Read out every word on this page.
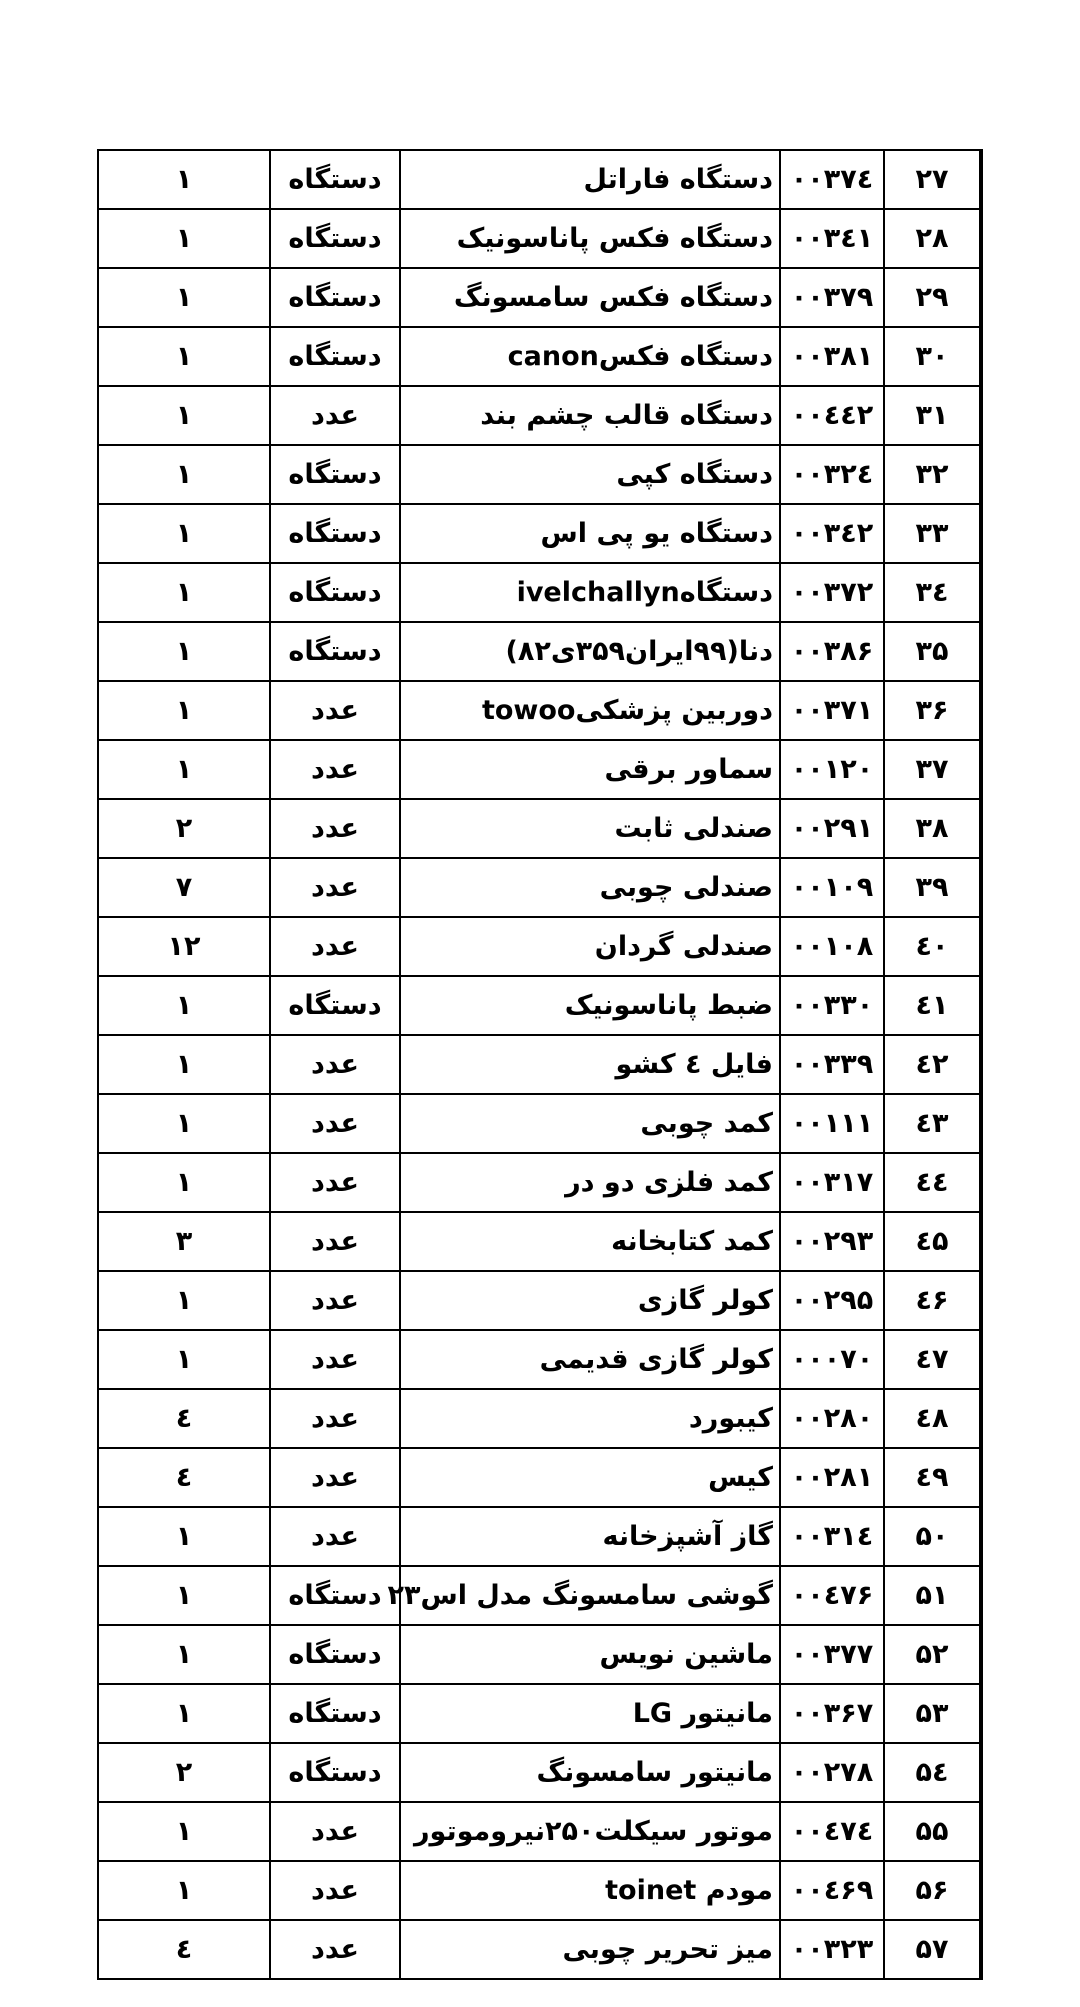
۲۷	۰۰۳۷٤	دستگاه فاراتل	دستگاه	۱
۲۸	۰۰۳٤۱	دستگاه فکس پاناسونیک	دستگاه	۱
۲۹	۰۰۳۷۹	دستگاه فکس سامسونگ	دستگاه	۱
۳۰	۰۰۳۸۱	دستگاه فکس‌canon	دستگاه	۱
۳۱	۰۰٤٤۲	دستگاه قالب چشم بند	عدد	۱
۳۲	۰۰۳۲٤	دستگاه کپی	دستگاه	۱
۳۳	۰۰۳٤۲	دستگاه یو پی اس	دستگاه	۱
۳٤	۰۰۳۷۲	دستگاه‌ivelchallyn	دستگاه	۱
۳۵	۰۰۳۸۶	دنا(۹۹ایران۳۵۹ی۸۲)	دستگاه	۱
۳۶	۰۰۳۷۱	دوربین پزشکی‌towoo	عدد	۱
۳۷	۰۰۱۲۰	سماور برقی	عدد	۱
۳۸	۰۰۲۹۱	صندلی ثابت	عدد	۲
۳۹	۰۰۱۰۹	صندلی چوبی	عدد	۷
٤۰	۰۰۱۰۸	صندلی گردان	عدد	۱۲
٤۱	۰۰۳۳۰	ضبط پاناسونیک	دستگاه	۱
٤۲	۰۰۳۳۹	فایل ٤ کشو	عدد	۱
٤۳	۰۰۱۱۱	کمد چوبی	عدد	۱
٤٤	۰۰۳۱۷	کمد فلزی دو در	عدد	۱
٤۵	۰۰۲۹۳	کمد کتابخانه	عدد	۳
٤۶	۰۰۲۹۵	کولر گازی	عدد	۱
٤۷	۰۰۰۷۰	کولر گازی قدیمی	عدد	۱
٤۸	۰۰۲۸۰	کیبورد	عدد	٤
٤۹	۰۰۲۸۱	کیس	عدد	٤
۵۰	۰۰۳۱٤	گاز آشپزخانه	عدد	۱
۵۱	۰۰٤۷۶	گوشی سامسونگ مدل اس۲۳	دستگاه	۱
۵۲	۰۰۳۷۷	ماشین نویس	دستگاه	۱
۵۳	۰۰۳۶۷	مانیتور LG	دستگاه	۱
۵٤	۰۰۲۷۸	مانیتور سامسونگ	دستگاه	۲
۵۵	۰۰٤۷٤	موتور سیکلت۲۵۰نیروموتور	عدد	۱
۵۶	۰۰٤۶۹	مودم toinet	عدد	۱
۵۷	۰۰۳۲۳	میز تحریر چوبی	عدد	٤
